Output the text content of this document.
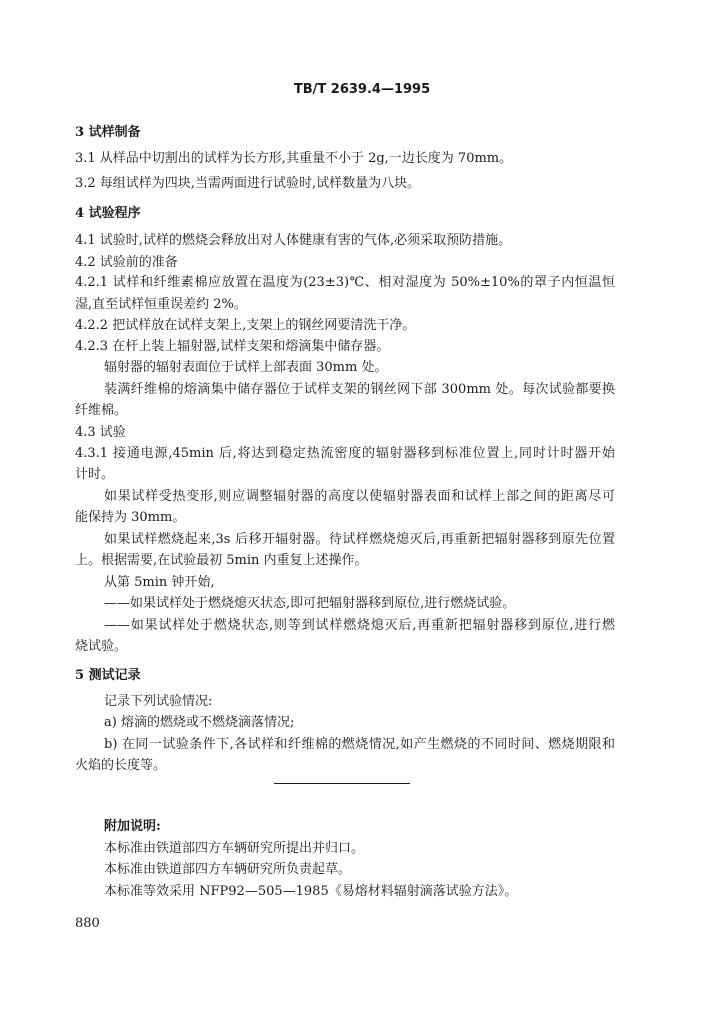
TB/T 2639.4—1995
3 试样制备
3.1 从样品中切割出的试样为长方形,其重量不小于 2g,一边长度为 70mm。
3.2 每组试样为四块,当需两面进行试验时,试样数量为八块。
4 试验程序
4.1 试验时,试样的燃烧会释放出对人体健康有害的气体,必须采取预防措施。
4.2 试验前的准备
4.2.1 试样和纤维素棉应放置在温度为(23±3)℃、相对湿度为 50%±10%的罩子内恒温恒
湿,直至试样恒重误差约 2%。
4.2.2 把试样放在试样支架上,支架上的钢丝网要清洗干净。
4.2.3 在杆上装上辐射器,试样支架和熔滴集中储存器。
辐射器的辐射表面位于试样上部表面 30mm 处。
装满纤维棉的熔滴集中储存器位于试样支架的钢丝网下部 300mm 处。每次试验都要换
纤维棉。
4.3 试验
4.3.1 接通电源,45min 后,将达到稳定热流密度的辐射器移到标准位置上,同时计时器开始
计时。
如果试样受热变形,则应调整辐射器的高度以使辐射器表面和试样上部之间的距离尽可
能保持为 30mm。
如果试样燃烧起来,3s 后移开辐射器。待试样燃烧熄灭后,再重新把辐射器移到原先位置
上。根据需要,在试验最初 5min 内重复上述操作。
从第 5min 钟开始,
——如果试样处于燃烧熄灭状态,即可把辐射器移到原位,进行燃烧试验。
——如果试样处于燃烧状态,则等到试样燃烧熄灭后,再重新把辐射器移到原位,进行燃
烧试验。
5 测试记录
记录下列试验情况:
a) 熔滴的燃烧或不燃烧滴落情况;
b) 在同一试验条件下,各试样和纤维棉的燃烧情况,如产生燃烧的不同时间、燃烧期限和
火焰的长度等。
附加说明:
本标准由铁道部四方车辆研究所提出并归口。
本标准由铁道部四方车辆研究所负责起草。
本标准等效采用 NFP92—505—1985《易熔材料辐射滴落试验方法》。
880
